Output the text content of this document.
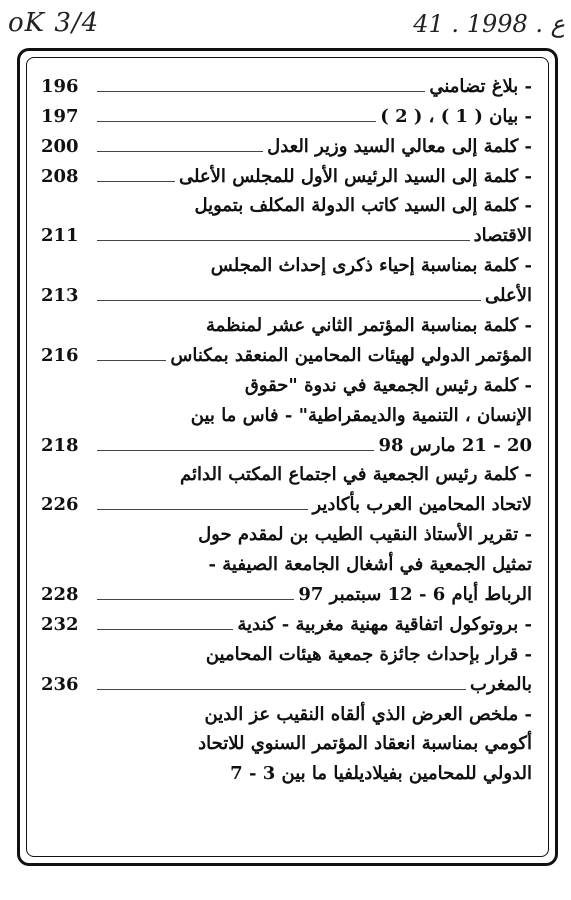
oK 3/4	41 . ع . 1998
196	- بلاغ تضامني
197	- بيان ( 1 ) ، ( 2 )
200	- كلمة إلى معالي السيد وزير العدل
208	- كلمة إلى السيد الرئيس الأول للمجلس الأعلى
- كلمة إلى السيد كاتب الدولة المكلف بتمويل
211	الاقتصاد
- كلمة بمناسبة إحياء ذكرى إحداث المجلس
213	الأعلى
- كلمة بمناسبة المؤتمر الثاني عشر لمنظمة
216	المؤتمر الدولي لهيئات المحامين المنعقد بمكناس
- كلمة رئيس الجمعية في ندوة "حقوق
الإنسان ، التنمية والديمقراطية" - فاس ما بين
218	20 - 21 مارس 98
- كلمة رئيس الجمعية في اجتماع المكتب الدائم
226	لاتحاد المحامين العرب بأكادير
- تقرير الأستاذ النقيب الطيب بن لمقدم حول
تمثيل الجمعية في أشغال الجامعة الصيفية -
228	الرباط أيام 6 - 12 سبتمبر 97
232	- بروتوكول اتفاقية مهنية مغربية - كندية
- قرار بإحداث جائزة جمعية هيئات المحامين
236	بالمغرب
- ملخص العرض الذي ألقاه النقيب عز الدين
أكومي بمناسبة انعقاد المؤتمر السنوي للاتحاد
الدولي للمحامين بفيلاديلفيا ما بين 3 - 7
